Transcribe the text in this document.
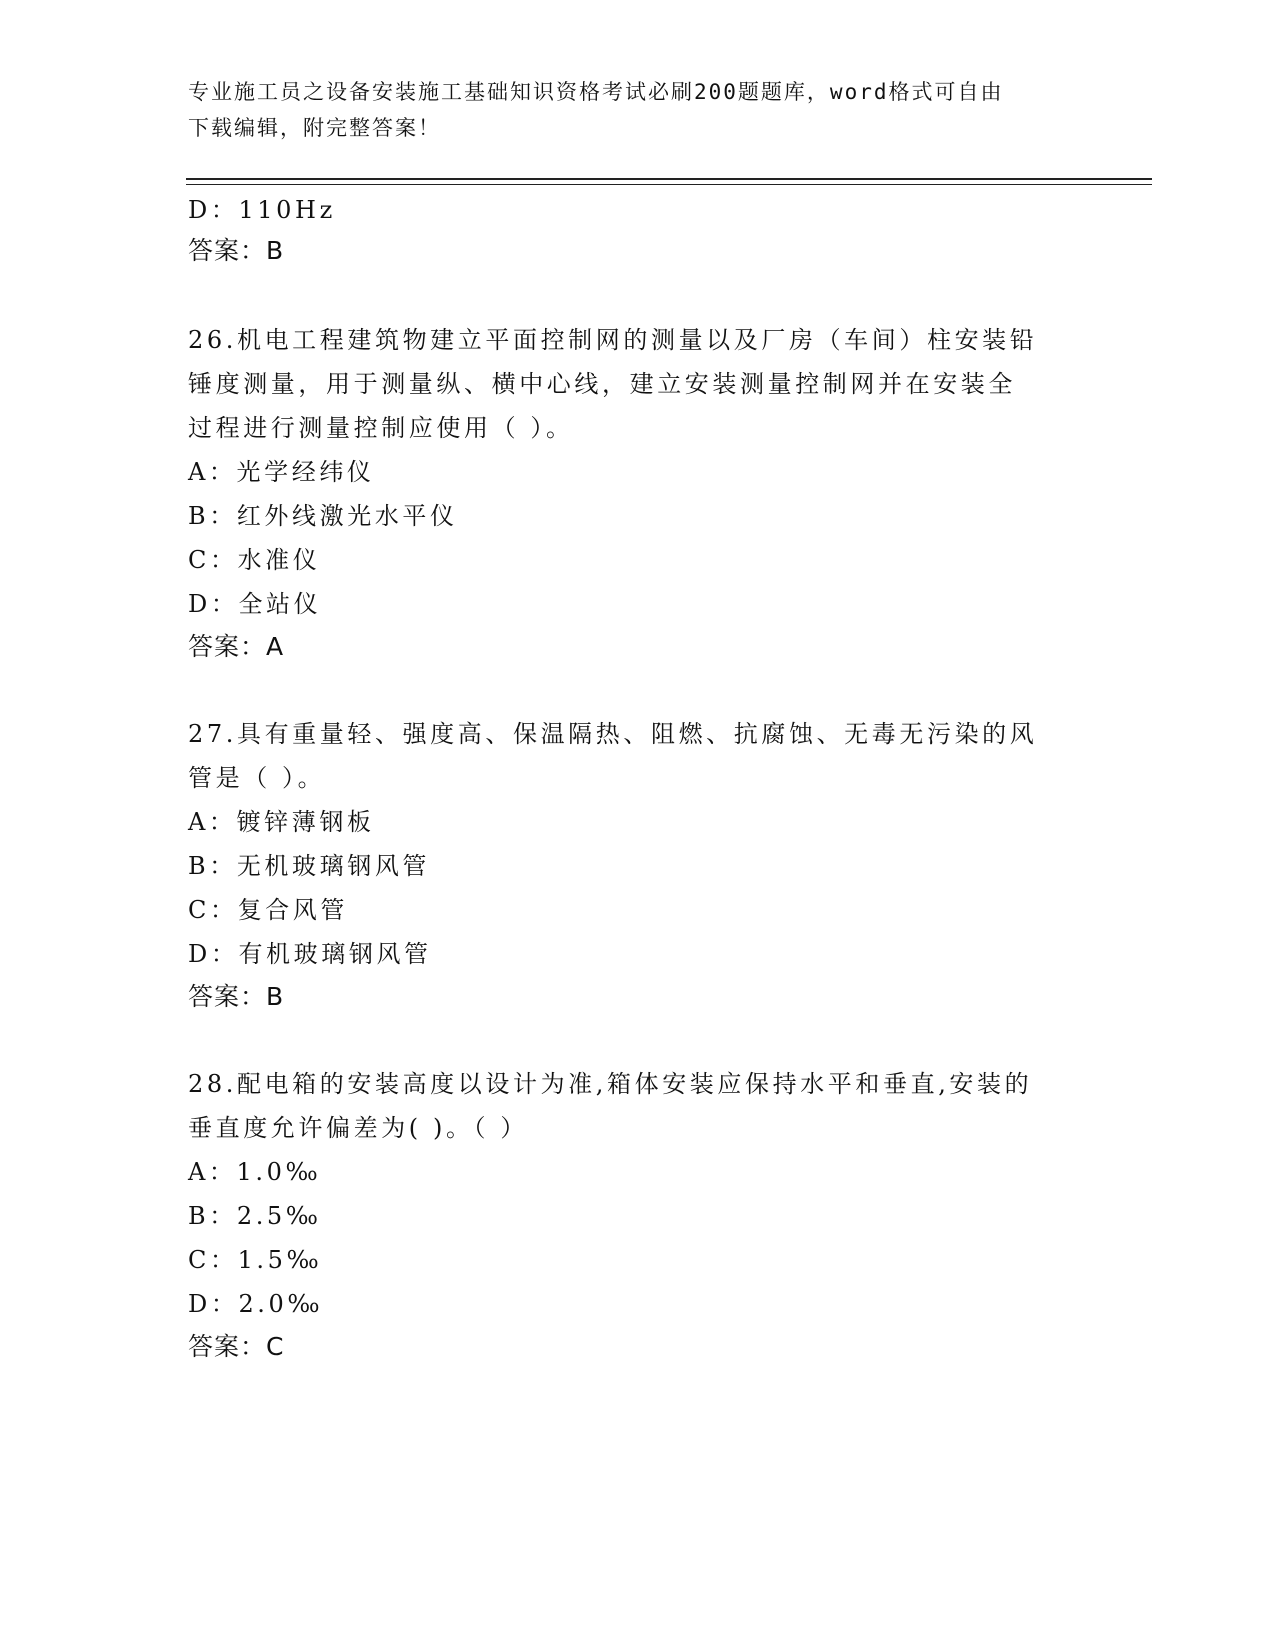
专业施工员之设备安装施工基础知识资格考试必刷200题题库，word格式可自由
下载编辑，附完整答案！
D：110Hz
答案：B
26.机电工程建筑物建立平面控制网的测量以及厂房（车间）柱安装铅
锤度测量，用于测量纵、横中心线，建立安装测量控制网并在安装全
过程进行测量控制应使用（ ）。
A：光学经纬仪
B：红外线激光水平仪
C：水准仪
D：全站仪
答案：A
27.具有重量轻、强度高、保温隔热、阻燃、抗腐蚀、无毒无污染的风
管是（ ）。
A：镀锌薄钢板
B：无机玻璃钢风管
C：复合风管
D：有机玻璃钢风管
答案：B
28.配电箱的安装高度以设计为准,箱体安装应保持水平和垂直,安装的
垂直度允许偏差为( )。（ ）
A：1.0‰
B：2.5‰
C：1.5‰
D：2.0‰
答案：C
